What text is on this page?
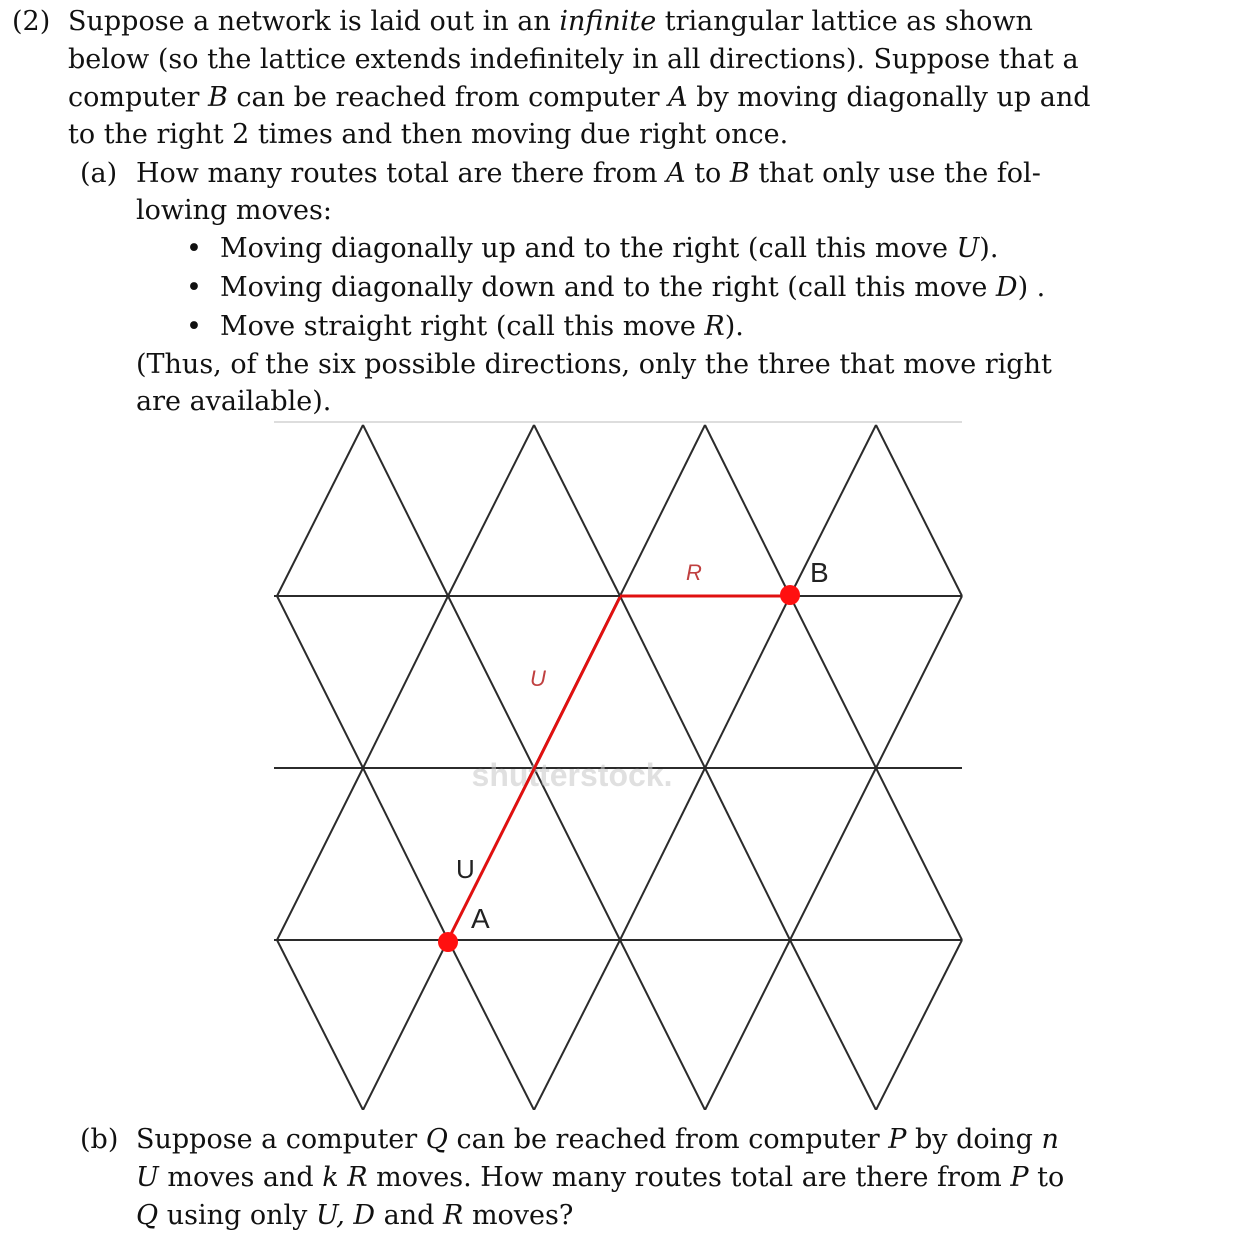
(2) Suppose a network is laid out in an infinite triangular lattice as shown

below (so the lattice extends indefinitely in all directions). Suppose that a

computer B can be reached from computer A by moving diagonally up and

to the right 2 times and then moving due right once.

(a) How many routes total are there from A to B that only use the fol-

lowing moves:

• Moving diagonally up and to the right (call this move U).

• Moving diagonally down and to the right (call this move D) .

• Move straight right (call this move R).

(Thus, of the six possible directions, only the three that move right

are available).

shutterstock.
R
U
U
A
B

(b) Suppose a computer Q can be reached from computer P by doing n

U moves and k R moves. How many routes total are there from P to

Q using only U, D and R moves?
